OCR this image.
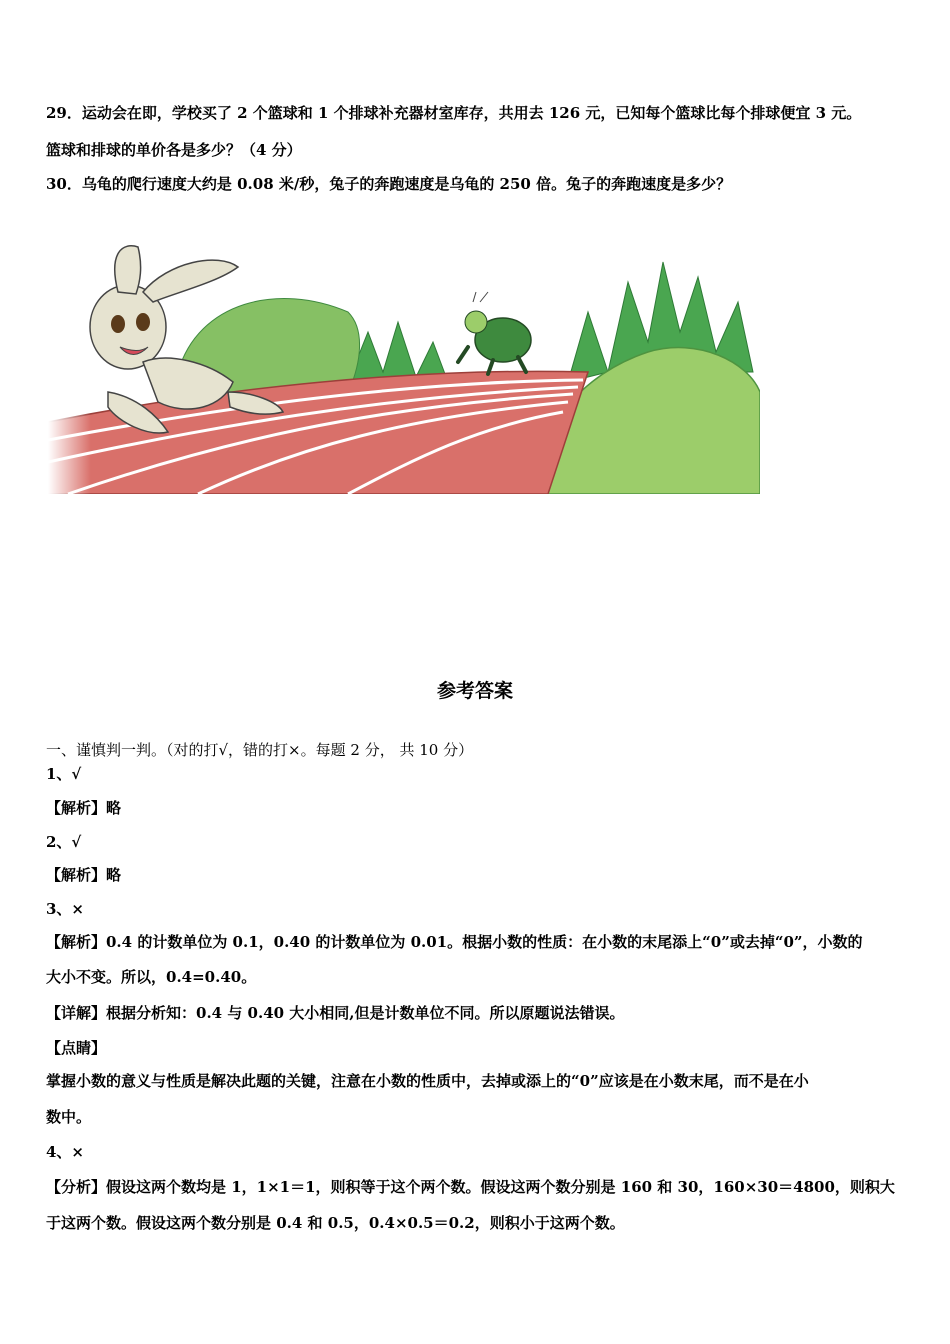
29．运动会在即，学校买了 2 个篮球和 1 个排球补充器材室库存，共用去 126 元，已知每个篮球比每个排球便宜 3 元。
篮球和排球的单价各是多少？（4 分）
30．乌龟的爬行速度大约是 0.08 米/秒，兔子的奔跑速度是乌龟的 250 倍。兔子的奔跑速度是多少？
参考答案
一、谨慎判一判。（对的打√，错的打×。每题 2 分， 共 10 分）
1、√
【解析】略
2、√
【解析】略
3、×
【解析】0.4 的计数单位为 0.1，0.40 的计数单位为 0.01。根据小数的性质：在小数的末尾添上“0”或去掉“0”，小数的
大小不变。所以，0.4=0.40。
【详解】根据分析知：0.4 与 0.40 大小相同,但是计数单位不同。所以原题说法错误。
【点睛】
掌握小数的意义与性质是解决此题的关键，注意在小数的性质中，去掉或添上的“0”应该是在小数末尾，而不是在小
数中。
4、×
【分析】假设这两个数均是 1，1×1＝1，则积等于这个两个数。假设这两个数分别是 160 和 30，160×30＝4800，则积大
于这两个数。假设这两个数分别是 0.4 和 0.5，0.4×0.5＝0.2，则积小于这两个数。
